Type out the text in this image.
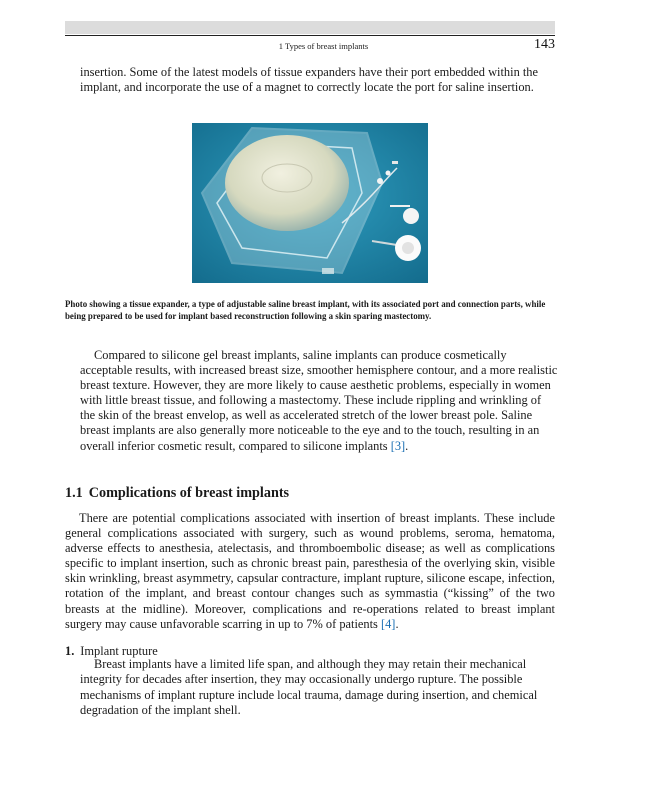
1 Types of breast implants	143

insertion. Some of the latest models of tissue expanders have their port embedded within the implant, and incorporate the use of a magnet to correctly locate the port for saline insertion.

Photo showing a tissue expander, a type of adjustable saline breast implant, with its associated port and connection parts, while being prepared to be used for implant based reconstruction following a skin sparing mastectomy.

Compared to silicone gel breast implants, saline implants can produce cosmetically acceptable results, with increased breast size, smoother hemisphere contour, and a more realistic breast texture. However, they are more likely to cause aesthetic problems, especially in women with little breast tissue, and following a mastectomy. These include rippling and wrinkling of the skin of the breast envelop, as well as accelerated stretch of the lower breast pole. Saline breast implants are also generally more noticeable to the eye and to the touch, resulting in an overall inferior cosmetic result, compared to silicone implants [3].

1.1 Complications of breast implants

There are potential complications associated with insertion of breast implants. These include general complications associated with surgery, such as wound problems, seroma, hematoma, adverse effects to anesthesia, atelectasis, and thromboembolic disease; as well as complications specific to implant insertion, such as chronic breast pain, paresthesia of the overlying skin, visible skin wrinkling, breast asymmetry, capsular contracture, implant rupture, silicone escape, infection, rotation of the implant, and breast contour changes such as symmastia (“kissing” of the two breasts at the midline). Moreover, complications and re-operations related to breast implant surgery may cause unfavorable scarring in up to 7% of patients [4].

1. Implant rupture

Breast implants have a limited life span, and although they may retain their mechanical integrity for decades after insertion, they may occasionally undergo rupture. The possible mechanisms of implant rupture include local trauma, damage during insertion, and chemical degradation of the implant shell.
